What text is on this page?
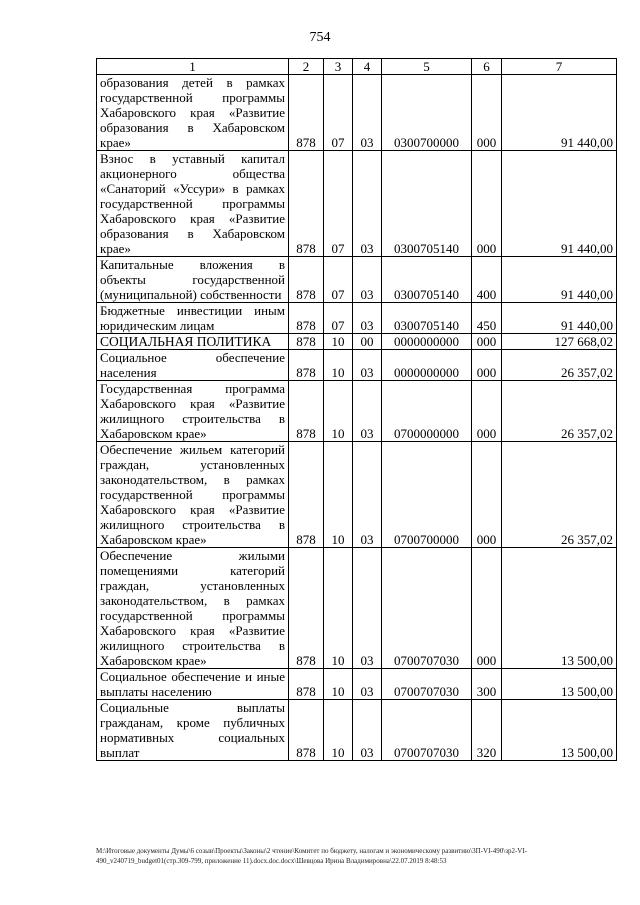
754
1	2	3	4	5	6	7
образования детей в рамках государственной программы Хабаровского края «Развитие образования в Хабаровском крае»	878	07	03	0300700000	000	91 440,00
Взнос в уставный капитал акционерного общества «Санаторий «Уссури» в рамках государственной программы Хабаровского края «Развитие образования в Хабаровском крае»	878	07	03	0300705140	000	91 440,00
Капитальные вложения в объекты государственной (муниципальной) собственности	878	07	03	0300705140	400	91 440,00
Бюджетные инвестиции иным юридическим лицам	878	07	03	0300705140	450	91 440,00
СОЦИАЛЬНАЯ ПОЛИТИКА	878	10	00	0000000000	000	127 668,02
Социальное обеспечение населения	878	10	03	0000000000	000	26 357,02
Государственная программа Хабаровского края «Развитие жилищного строительства в Хабаровском крае»	878	10	03	0700000000	000	26 357,02
Обеспечение жильем категорий граждан, установленных законодательством, в рамках государственной программы Хабаровского края «Развитие жилищного строительства в Хабаровском крае»	878	10	03	0700700000	000	26 357,02
Обеспечение жилыми помещениями категорий граждан, установленных законодательством, в рамках государственной программы Хабаровского края «Развитие жилищного строительства в Хабаровском крае»	878	10	03	0700707030	000	13 500,00
Социальное обеспечение и иные выплаты населению	878	10	03	0700707030	300	13 500,00
Социальные выплаты гражданам, кроме публичных нормативных социальных выплат	878	10	03	0700707030	320	13 500,00
M:\Итоговые документы Думы\6 созыв\Проекты\Законы\2 чтение\Комитет по бюджету, налогам и экономическому развитию\3П-VI-490\зр2-VI-
490_v240719_budget01(стр.309-799, приложение 11).docx.doc.docx\Шевцова Ирина Владимировна\22.07.2019 8:48:53
